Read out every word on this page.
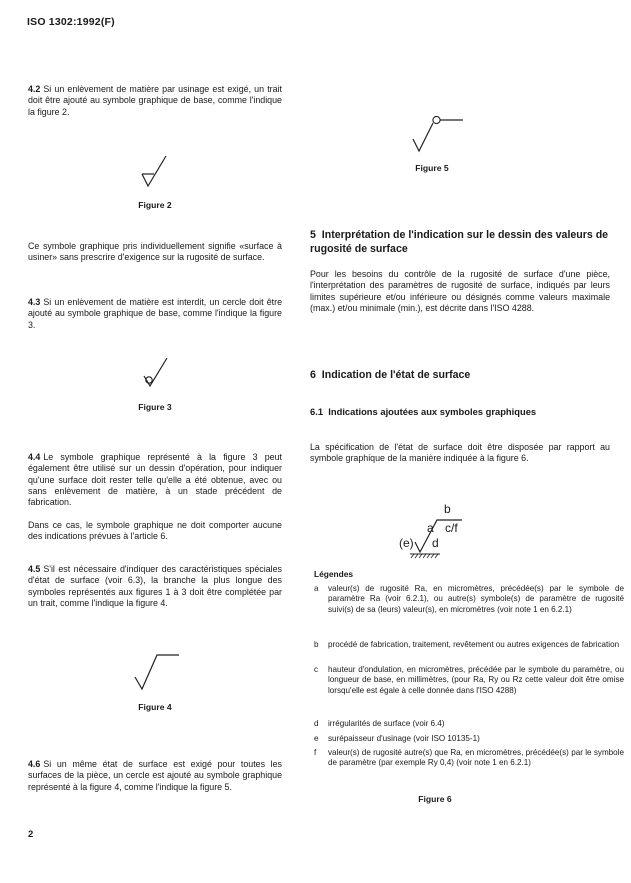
ISO 1302:1992(F)
4.2 Si un enlèvement de matière par usinage est exigé, un trait doit être ajouté au symbole graphique de base, comme l'indique la figure 2.
Figure 2
Ce symbole graphique pris individuellement signifie «surface à usiner» sans prescrire d'exigence sur la rugosité de surface.
4.3 Si un enlèvement de matière est interdit, un cercle doit être ajouté au symbole graphique de base, comme l'indique la figure 3.
Figure 3
4.4 Le symbole graphique représenté à la figure 3 peut également être utilisé sur un dessin d'opération, pour indiquer qu'une surface doit rester telle qu'elle a été obtenue, avec ou sans enlèvement de matière, à un stade précédent de fabrication.
Dans ce cas, le symbole graphique ne doit comporter aucune des indications prévues à l'article 6.
4.5 S'il est nécessaire d'indiquer des caractéristiques spéciales d'état de surface (voir 6.3), la branche la plus longue des symboles représentés aux figures 1 à 3 doit être complétée par un trait, comme l'indique la figure 4.
Figure 4
4.6 Si un même état de surface est exigé pour toutes les surfaces de la pièce, un cercle est ajouté au symbole graphique représenté à la figure 4, comme l'indique la figure 5.
2
Figure 5
5 Interprétation de l'indication sur le dessin des valeurs de rugosité de surface
Pour les besoins du contrôle de la rugosité de surface d'une pièce, l'interprétation des paramètres de rugosité de surface, indiqués par leurs limites supérieure et/ou inférieure ou désignés comme valeurs maximale (max.) et/ou minimale (min.), est décrite dans l'ISO 4288.
6 Indication de l'état de surface
6.1 Indications ajoutées aux symboles graphiques
La spécification de l'état de surface doit être disposée par rapport au symbole graphique de la manière indiquée à la figure 6.
b
a c/f
(e) d
Légendes
a valeur(s) de rugosité Ra, en micromètres, précédée(s) par le symbole de paramètre Ra (voir 6.2.1), ou autre(s) symbole(s) de paramètre de rugosité suivi(s) de sa (leurs) valeur(s), en micromètres (voir note 1 en 6.2.1)
b procédé de fabrication, traitement, revêtement ou autres exigences de fabrication
c hauteur d'ondulation, en micromètres, précédée par le symbole du paramètre, ou longueur de base, en millimètres, (pour Ra, Ry ou Rz cette valeur doit être omise lorsqu'elle est égale à celle donnée dans l'ISO 4288)
d irrégularités de surface (voir 6.4)
e surépaisseur d'usinage (voir ISO 10135-1)
f valeur(s) de rugosité autre(s) que Ra, en micromètres, précédée(s) par le symbole de paramètre (par exemple Ry 0,4) (voir note 1 en 6.2.1)
Figure 6
